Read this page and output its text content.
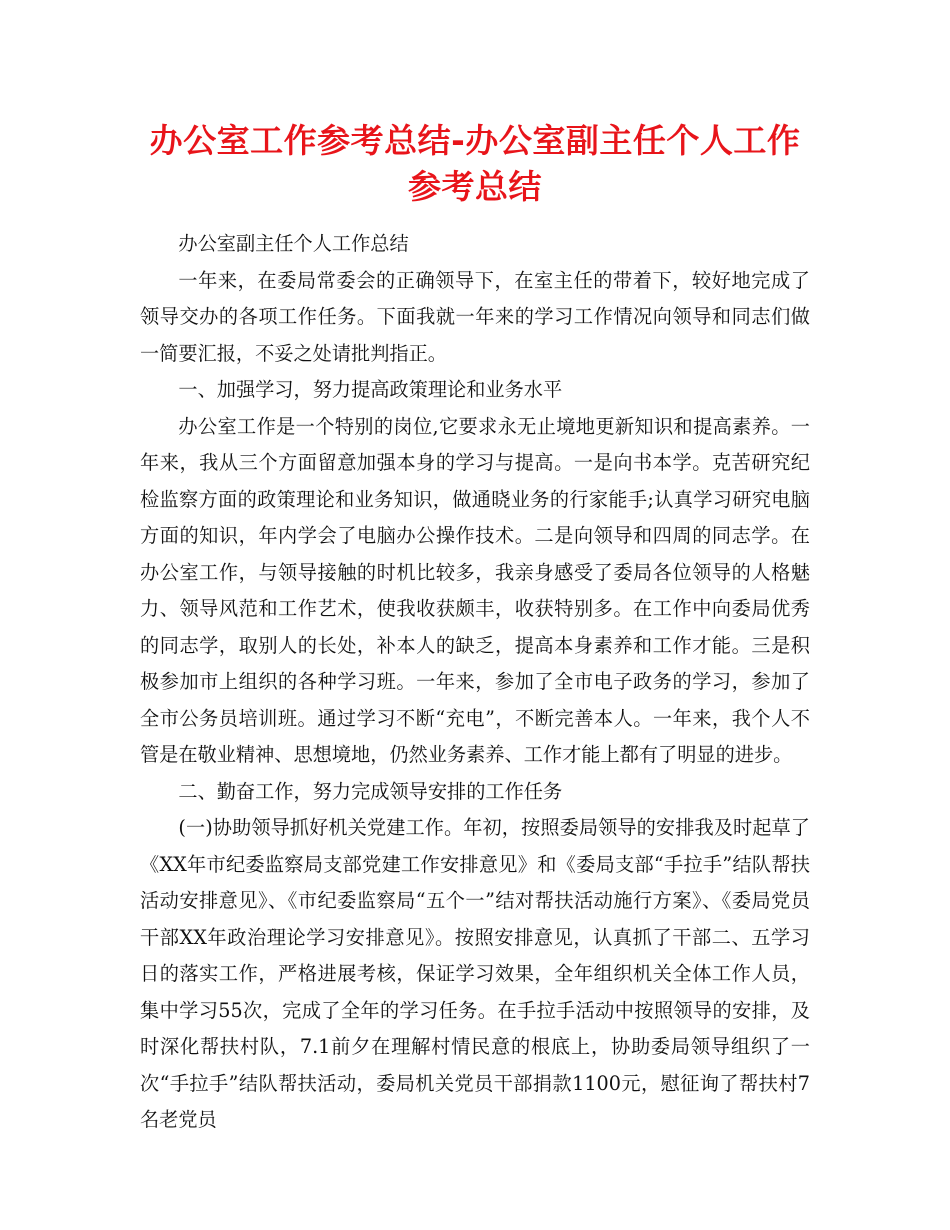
办公室工作参考总结-办公室副主任个人工作参考总结

办公室副主任个人工作总结

一年来，在委局常委会的正确领导下，在室主任的带着下，较好地完成了领导交办的各项工作任务。下面我就一年来的学习工作情况向领导和同志们做一简要汇报，不妥之处请批判指正。

一、加强学习，努力提高政策理论和业务水平

办公室工作是一个特别的岗位,它要求永无止境地更新知识和提高素养。一年来，我从三个方面留意加强本身的学习与提高。一是向书本学。克苦研究纪检监察方面的政策理论和业务知识，做通晓业务的行家能手;认真学习研究电脑方面的知识，年内学会了电脑办公操作技术。二是向领导和四周的同志学。在办公室工作，与领导接触的时机比较多，我亲身感受了委局各位领导的人格魅力、领导风范和工作艺术，使我收获颇丰，收获特别多。在工作中向委局优秀的同志学，取别人的长处，补本人的缺乏，提高本身素养和工作才能。三是积极参加市上组织的各种学习班。一年来，参加了全市电子政务的学习，参加了全市公务员培训班。通过学习不断“充电”，不断完善本人。一年来，我个人不管是在敬业精神、思想境地，仍然业务素养、工作才能上都有了明显的进步。

二、勤奋工作，努力完成领导安排的工作任务

(一)协助领导抓好机关党建工作。年初，按照委局领导的安排我及时起草了《XX年市纪委监察局支部党建工作安排意见》和《委局支部“手拉手”结队帮扶活动安排意见》、《市纪委监察局“五个一”结对帮扶活动施行方案》、《委局党员干部XX年政治理论学习安排意见》。按照安排意见，认真抓了干部二、五学习日的落实工作，严格进展考核，保证学习效果，全年组织机关全体工作人员，集中学习55次，完成了全年的学习任务。在手拉手活动中按照领导的安排，及时深化帮扶村队，7.1前夕在理解村情民意的根底上，协助委局领导组织了一次“手拉手”结队帮扶活动，委局机关党员干部捐款1100元，慰征询了帮扶村7名老党员
